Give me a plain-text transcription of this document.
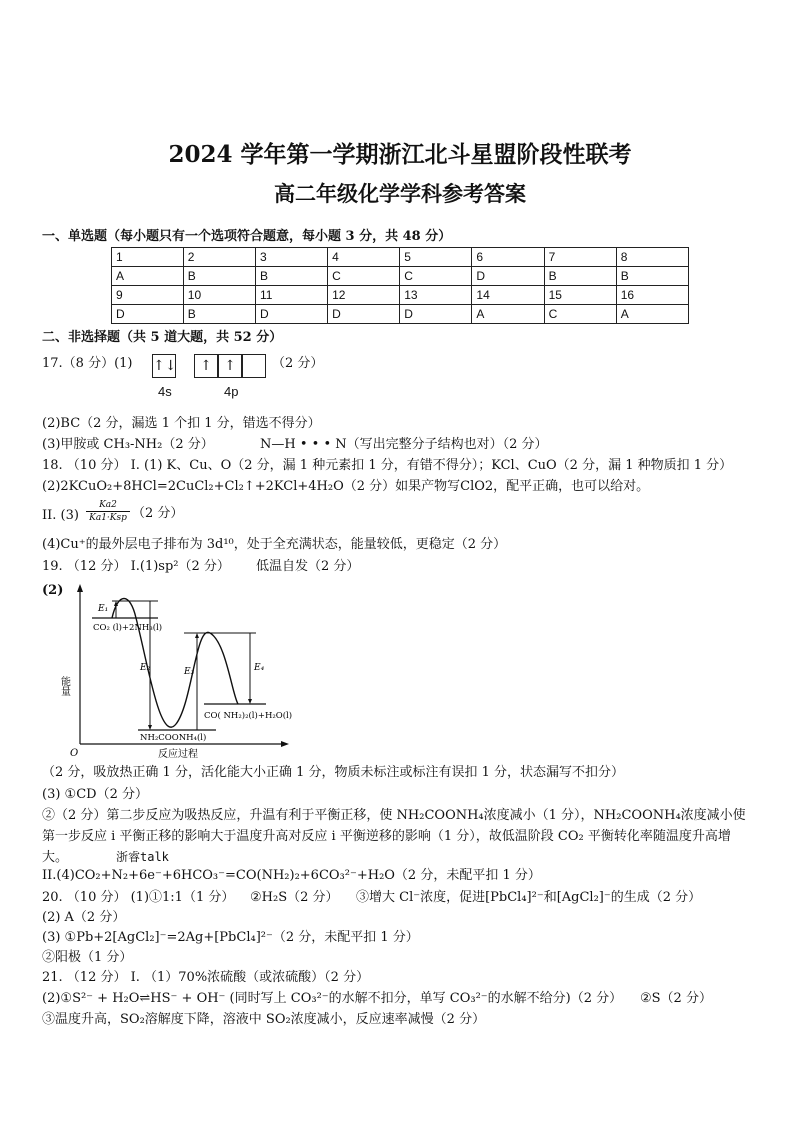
2024 学年第一学期浙江北斗星盟阶段性联考
高二年级化学学科参考答案
一、单选题（每小题只有一个选项符合题意，每小题 3 分，共 48 分）
1	2	3	4	5	6	7	8
A	B	B	C	C	D	B	B
9	10	11	12	13	14	15	16
D	B	D	D	D	A	C	A
二、非选择题（共 5 道大题，共 52 分）
17.（8 分）(1) ↑↓	↑ ↑	（2 分）
4s	4p
(2)BC（2 分，漏选 1 个扣 1 分，错选不得分）
(3)甲胺或 CH₃-NH₂（2 分）	N—H • • • N（写出完整分子结构也对）（2 分）
18. （10 分） I. (1) K、Cu、O（2 分，漏 1 种元素扣 1 分，有错不得分）；KCl、CuO（2 分，漏 1 种物质扣 1 分）
(2)2KCuO₂+8HCl=2CuCl₂+Cl₂↑+2KCl+4H₂O（2 分）如果产物写ClO2，配平正确，也可以给对。
II. (3)
Ka2
Ka1·Ksp （2 分）
(4)Cu⁺的最外层电子排布为 3d¹⁰，处于全充满状态，能量较低，更稳定（2 分）
19. （12 分） I.(1)sp²（2 分） 低温自发（2 分）
(2)
E₁
E₂	E₃	E₄
CO₂ (l)+2NH₃(l)
NH₂COONH₄(l)
CO( NH₂)₂(l)+H₂O(l)
能量
反应过程
O
（2 分，吸放热正确 1 分，活化能大小正确 1 分，物质未标注或标注有误扣 1 分，状态漏写不扣分）
(3) ①CD（2 分）
②（2 分）第二步反应为吸热反应，升温有利于平衡正移，使 NH₂COONH₄浓度减小（1 分），NH₂COONH₄浓度减小使
第一步反应 i 平衡正移的影响大于温度升高对反应 i 平衡逆移的影响（1 分），故低温阶段 CO₂ 平衡转化率随温度升高增
大。	浙睿talk
II.(4)CO₂+N₂+6e⁻+6HCO₃⁻=CO(NH₂)₂+6CO₃²⁻+H₂O（2 分，未配平扣 1 分）
20. （10 分） (1)①1:1（1 分） ②H₂S（2 分） ③增大 Cl⁻浓度，促进[PbCl₄]²⁻和[AgCl₂]⁻的生成（2 分）
(2) A（2 分）
(3) ①Pb+2[AgCl₂]⁻=2Ag+[PbCl₄]²⁻（2 分，未配平扣 1 分）
②阳极（1 分）
21. （12 分） I. （1）70%浓硫酸（或浓硫酸）（2 分）
(2)①S²⁻ + H₂O⇌HS⁻ + OH⁻ (同时写上 CO₃²⁻的水解不扣分，单写 CO₃²⁻的水解不给分)（2 分） ②S（2 分）
③温度升高，SO₂溶解度下降，溶液中 SO₂浓度减小，反应速率减慢（2 分）
